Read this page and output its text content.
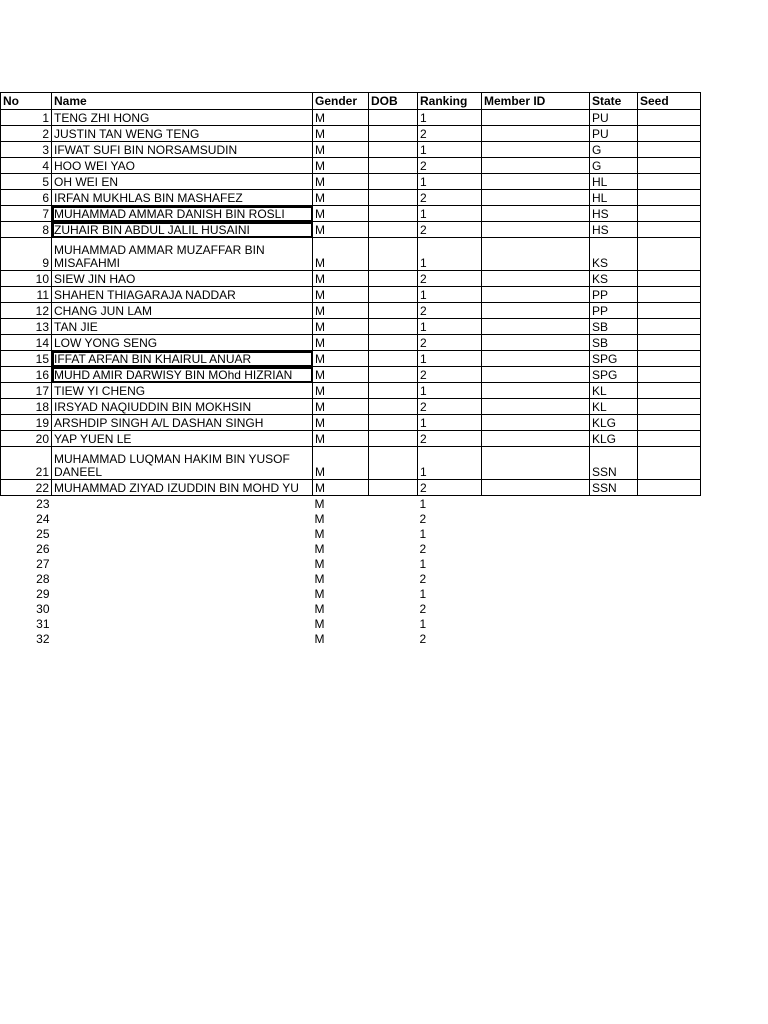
No	Name	Gender	DOB	Ranking	Member ID	State	Seed
1	TENG ZHI HONG	M		1		PU	
2	JUSTIN TAN WENG TENG	M		2		PU	
3	IFWAT SUFI BIN NORSAMSUDIN	M		1		G	
4	HOO WEI YAO	M		2		G	
5	OH WEI EN	M		1		HL	
6	IRFAN MUKHLAS BIN MASHAFEZ	M		2		HL	
7	MUHAMMAD AMMAR DANISH BIN ROSLI	M		1		HS	
8	ZUHAIR BIN ABDUL JALIL HUSAINI	M		2		HS	
9	MUHAMMAD AMMAR MUZAFFAR BIN MISAFAHMI	M		1		KS	
10	SIEW JIN HAO	M		2		KS	
11	SHAHEN THIAGARAJA NADDAR	M		1		PP	
12	CHANG JUN LAM	M		2		PP	
13	TAN JIE	M		1		SB	
14	LOW YONG SENG	M		2		SB	
15	IFFAT ARFAN BIN KHAIRUL ANUAR	M		1		SPG	
16	MUHD AMIR DARWISY BIN MOhd HIZRIAN	M		2		SPG	
17	TIEW YI CHENG	M		1		KL	
18	IRSYAD NAQIUDDIN BIN MOKHSIN	M		2		KL	
19	ARSHDIP SINGH A/L DASHAN SINGH	M		1		KLG	
20	YAP YUEN LE	M		2		KLG	
21	MUHAMMAD LUQMAN HAKIM BIN YUSOF DANEEL	M		1		SSN	
22	MUHAMMAD ZIYAD IZUDDIN BIN MOHD YU	M		2		SSN	
23		M		1			
24		M		2			
25		M		1			
26		M		2			
27		M		1			
28		M		2			
29		M		1			
30		M		2			
31		M		1			
32		M		2			
